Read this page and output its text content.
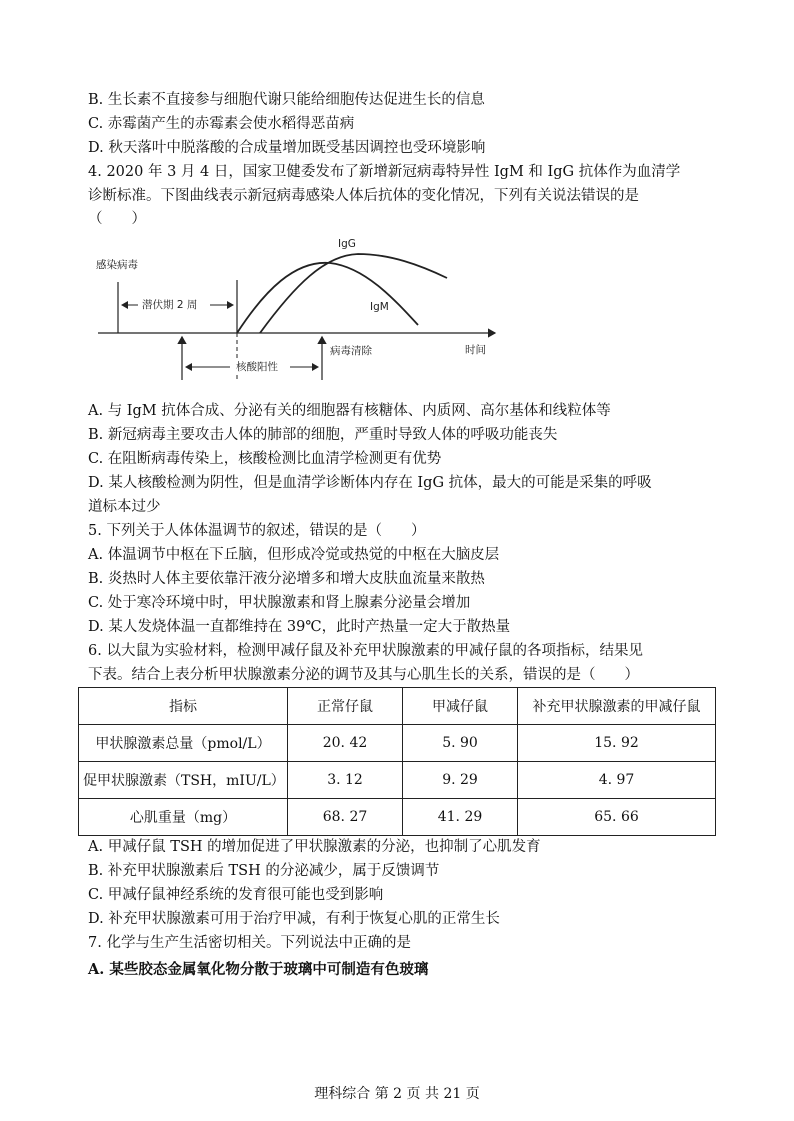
B. 生长素不直接参与细胞代谢只能给细胞传达促进生长的信息
C. 赤霉菌产生的赤霉素会使水稻得恶苗病
D. 秋天落叶中脱落酸的合成量增加既受基因调控也受环境影响
4. 2020 年 3 月 4 日，国家卫健委发布了新增新冠病毒特异性 IgM 和 IgG 抗体作为血清学
诊断标准。下图曲线表示新冠病毒感染人体后抗体的变化情况，下列有关说法错误的是
（　　）
时间
感染病毒
潜伏期 2 周
IgG
IgM
核酸阳性
病毒清除
A. 与 IgM 抗体合成、分泌有关的细胞器有核糖体、内质网、高尔基体和线粒体等
B. 新冠病毒主要攻击人体的肺部的细胞，严重时导致人体的呼吸功能丧失
C. 在阻断病毒传染上，核酸检测比血清学检测更有优势
D. 某人核酸检测为阴性，但是血清学诊断体内存在 IgG 抗体，最大的可能是采集的呼吸
道标本过少
5. 下列关于人体体温调节的叙述，错误的是（　　）
A. 体温调节中枢在下丘脑，但形成冷觉或热觉的中枢在大脑皮层
B. 炎热时人体主要依靠汗液分泌增多和增大皮肤血流量来散热
C. 处于寒冷环境中时，甲状腺激素和肾上腺素分泌量会增加
D. 某人发烧体温一直都维持在 39℃，此时产热量一定大于散热量
6. 以大鼠为实验材料，检测甲减仔鼠及补充甲状腺激素的甲减仔鼠的各项指标，结果见
下表。结合上表分析甲状腺激素分泌的调节及其与心肌生长的关系，错误的是（　　）
指标	正常仔鼠	甲减仔鼠	补充甲状腺激素的甲减仔鼠
甲状腺激素总量（pmol/L）	20. 42	5. 90	15. 92
促甲状腺激素（TSH，mIU/L）	3. 12	9. 29	4. 97
心肌重量（mg）	68. 27	41. 29	65. 66
A. 甲减仔鼠 TSH 的增加促进了甲状腺激素的分泌，也抑制了心肌发育
B. 补充甲状腺激素后 TSH 的分泌减少，属于反馈调节
C. 甲减仔鼠神经系统的发育很可能也受到影响
D. 补充甲状腺激素可用于治疗甲减，有利于恢复心肌的正常生长
7. 化学与生产生活密切相关。下列说法中正确的是
A. 某些胶态金属氧化物分散于玻璃中可制造有色玻璃
理科综合 第 2 页 共 21 页
